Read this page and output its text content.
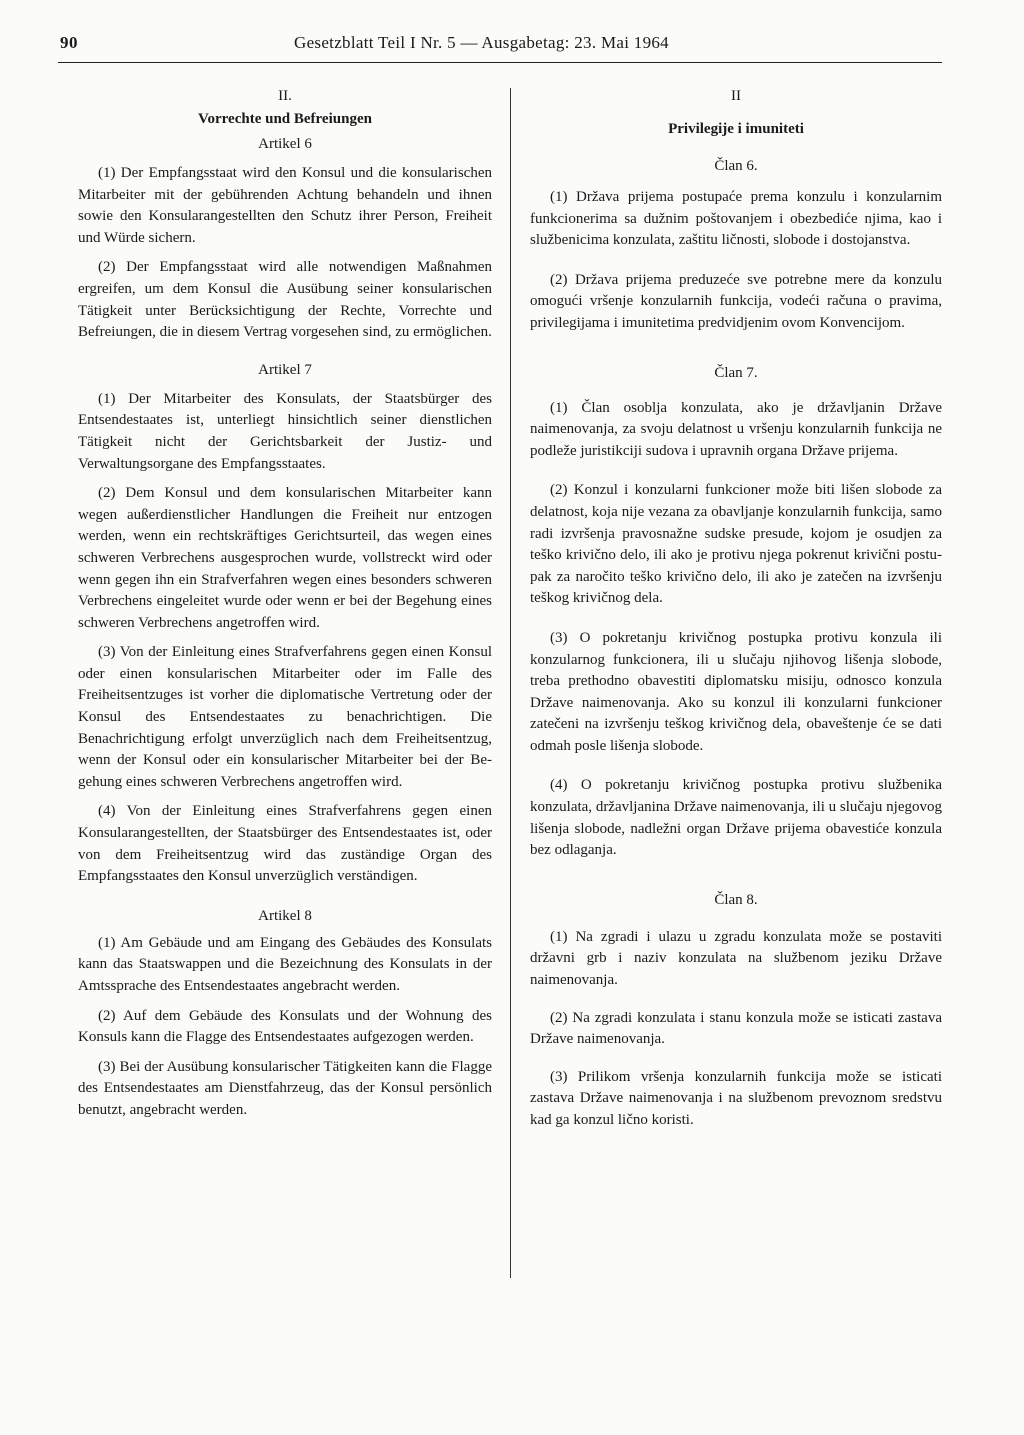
90	Gesetzblatt Teil I Nr. 5 — Ausgabetag: 23. Mai 1964

II.

Vorrechte und Befreiungen

Artikel 6

(1) Der Empfangsstaat wird den Konsul und die konsularischen Mitarbeiter mit der gebührenden Achtung behandeln und ihnen sowie den Konsularangestellten den Schutz ihrer Person, Freiheit und Würde sichern.

(2) Der Empfangsstaat wird alle notwendigen Maßnahmen ergreifen, um dem Konsul die Ausübung seiner konsularischen Tätigkeit unter Berücksichtigung der Rechte, Vorrechte und Befreiungen, die in diesem Vertrag vorgesehen sind, zu ermöglichen.

Artikel 7

(1) Der Mitarbeiter des Konsulats, der Staatsbürger des Entsendestaates ist, unterliegt hinsichtlich seiner dienstlichen Tätigkeit nicht der Gerichtsbarkeit der Justiz- und Verwaltungsorgane des Empfangsstaates.

(2) Dem Konsul und dem konsularischen Mitarbeiter kann wegen außerdienstlicher Handlungen die Freiheit nur entzogen werden, wenn ein rechtskräftiges Gerichtsurteil, das wegen eines schweren Verbrechens ausgesprochen wurde, vollstreckt wird oder wenn gegen ihn ein Strafverfahren wegen eines besonders schweren Verbrechens eingeleitet wurde oder wenn er bei der Begehung eines schweren Verbrechens angetroffen wird.

(3) Von der Einleitung eines Strafverfahrens gegen einen Konsul oder einen konsularischen Mitarbeiter oder im Falle des Freiheitsentzuges ist vorher die diplomatische Vertretung oder der Konsul des Entsendestaates zu benachrichtigen. Die Benachrichtigung erfolgt unverzüglich nach dem Freiheitsentzug, wenn der Konsul oder ein konsularischer Mitarbeiter bei der Begehung eines schweren Verbrechens angetroffen wird.

(4) Von der Einleitung eines Strafverfahrens gegen einen Konsularangestellten, der Staatsbürger des Entsendestaates ist, oder von dem Freiheitsentzug wird das zuständige Organ des Empfangsstaates den Konsul unverzüglich verständigen.

Artikel 8

(1) Am Gebäude und am Eingang des Gebäudes des Konsulats kann das Staatswappen und die Bezeichnung des Konsulats in der Amtssprache des Entsendestaates angebracht werden.

(2) Auf dem Gebäude des Konsulats und der Wohnung des Konsuls kann die Flagge des Entsendestaates aufgezogen werden.

(3) Bei der Ausübung konsularischer Tätigkeiten kann die Flagge des Entsendestaates am Dienstfahrzeug, das der Konsul persönlich benutzt, angebracht werden.

II

Privilegije i imuniteti

Član 6.

(1) Država prijema postupaće prema konzulu i konzularnim funkcionerima sa dužnim poštovanjem i obezbediće njima, kao i službenicima konzulata, zaštitu ličnosti, slobode i dostojanstva.

(2) Država prijema preduzeće sve potrebne mere da konzulu omogući vršenje konzularnih funkcija, vodeći računa o pravima, privilegijama i imunitetima predvidjenim ovom Konvencijom.

Član 7.

(1) Član osoblja konzulata, ako je državljanin Države naimenovanja, za svoju delatnost u vršenju konzularnih funkcija ne podleže juristikciji sudova i upravnih organa Države prijema.

(2) Konzul i konzularni funkcioner može biti lišen slobode za delatnost, koja nije vezana za obavljanje konzularnih funkcija, samo radi izvršenja pravosnažne sudske presude, kojom je osudjen za teško krivično delo, ili ako je protivu njega pokrenut krivični postupak za naročito teško krivično delo, ili ako je zatečen na izvršenju teškog krivičnog dela.

(3) O pokretanju krivičnog postupka protivu konzula ili konzularnog funkcionera, ili u slučaju njihovog lišenja slobode, treba prethodno obavestiti diplomatsku misiju, odnosco konzula Države naimenovanja. Ako su konzul ili konzularni funkcioner zatečeni na izvršenju teškog krivičnog dela, obaveštenje će se dati odmah posle lišenja slobode.

(4) O pokretanju krivičnog postupka protivu službenika konzulata, državljanina Države naimenovanja, ili u slučaju njegovog lišenja slobode, nadležni organ Države prijema obavestiće konzula bez odlaganja.

Član 8.

(1) Na zgradi i ulazu u zgradu konzulata može se postaviti državni grb i naziv konzulata na službenom jeziku Države naimenovanja.

(2) Na zgradi konzulata i stanu konzula može se isticati zastava Države naimenovanja.

(3) Prilikom vršenja konzularnih funkcija može se isticati zastava Države naimenovanja i na službenom prevoznom sredstvu kad ga konzul lično koristi.
